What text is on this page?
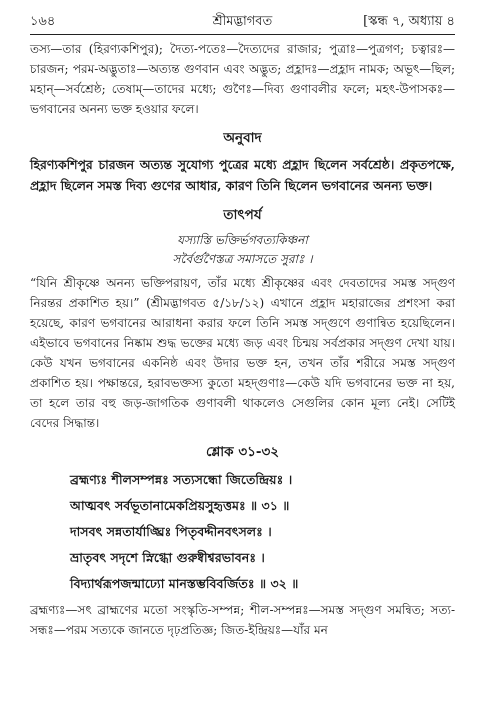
১৬৪	শ্রীমদ্ভাগবত	[স্কন্ধ ৭, অধ্যায় ৪

তস্য—তার (হিরণ্যকশিপুর); দৈত্য-পতেঃ—দৈত্যদের রাজার; পুত্রাঃ—পুত্রগণ; চত্বারঃ—চারজন; পরম-অদ্ভুতাঃ—অত্যন্ত গুণবান এবং অদ্ভুত; প্রহ্লাদঃ—প্রহ্লাদ নামক; অভূৎ—ছিল; মহান্—সর্বশ্রেষ্ঠ; তেষাম্—তাদের মধ্যে; গুণৈঃ—দিব্য গুণাবলীর ফলে; মহৎ-উপাসকঃ—ভগবানের অনন্য ভক্ত হওয়ার ফলে।

অনুবাদ

হিরণ্যকশিপুর চারজন অত্যন্ত সুযোগ্য পুত্রের মধ্যে প্রহ্লাদ ছিলেন সর্বশ্রেষ্ঠ। প্রকৃতপক্ষে, প্রহ্লাদ ছিলেন সমস্ত দিব্য গুণের আধার, কারণ তিনি ছিলেন ভগবানের অনন্য ভক্ত।

তাৎপর্য
যস্যাস্তি ভক্তির্ভগবত্যকিঞ্চনা
সর্বৈর্গুণৈস্তত্র সমাসতে সুরাঃ ।

“যিনি শ্রীকৃষ্ণে অনন্য ভক্তিপরায়ণ, তাঁর মধ্যে শ্রীকৃষ্ণের এবং দেবতাদের সমস্ত সদ্‌গুণ নিরন্তর প্রকাশিত হয়।” (শ্রীমদ্ভাগবত ৫/১৮/১২) এখানে প্রহ্লাদ মহারাজের প্রশংসা করা হয়েছে, কারণ ভগবানের আরাধনা করার ফলে তিনি সমস্ত সদ্‌গুণে গুণান্বিত হয়েছিলেন। এইভাবে ভগবানের নিষ্কাম শুদ্ধ ভক্তের মধ্যে জড় এবং চিন্ময় সর্বপ্রকার সদ্‌গুণ দেখা যায়। কেউ যখন ভগবানের একনিষ্ঠ এবং উদার ভক্ত হন, তখন তাঁর শরীরে সমস্ত সদ্‌গুণ প্রকাশিত হয়। পক্ষান্তরে, হরাবভক্তস্য কুতো মহদ্গুণাঃ—কেউ যদি ভগবানের ভক্ত না হয়, তা হলে তার বহু জড়-জাগতিক গুণাবলী থাকলেও সেগুলির কোন মূল্য নেই। সেটিই বেদের সিদ্ধান্ত।

শ্লোক ৩১-৩২
ব্রহ্মণ্যঃ শীলসম্পন্নঃ সত্যসন্ধো জিতেন্দ্রিয়ঃ ।
আত্মবৎ সর্বভূতানামেকপ্রিয়সুহৃত্তমঃ ॥ ৩১ ॥
দাসবৎ সন্নতার্যাঙ্ঘ্রিঃ পিতৃবদ্দীনবৎসলঃ ।
ভ্রাতৃবৎ সদৃশে স্নিগ্ধো গুরুষ্বীশ্বরভাবনঃ ।
বিদ্যার্থরূপজন্মাঢ্যো মানস্তম্ভবিবর্জিতঃ ॥ ৩২ ॥

ব্রহ্মণ্যঃ—সৎ ব্রাহ্মণের মতো সংস্কৃতি-সম্পন্ন; শীল-সম্পন্নঃ—সমস্ত সদ্‌গুণ সমন্বিত; সত্য-সন্ধঃ—পরম সত্যকে জানতে দৃঢ়প্রতিজ্ঞ; জিত-ইন্দ্রিয়ঃ—যাঁর মন
